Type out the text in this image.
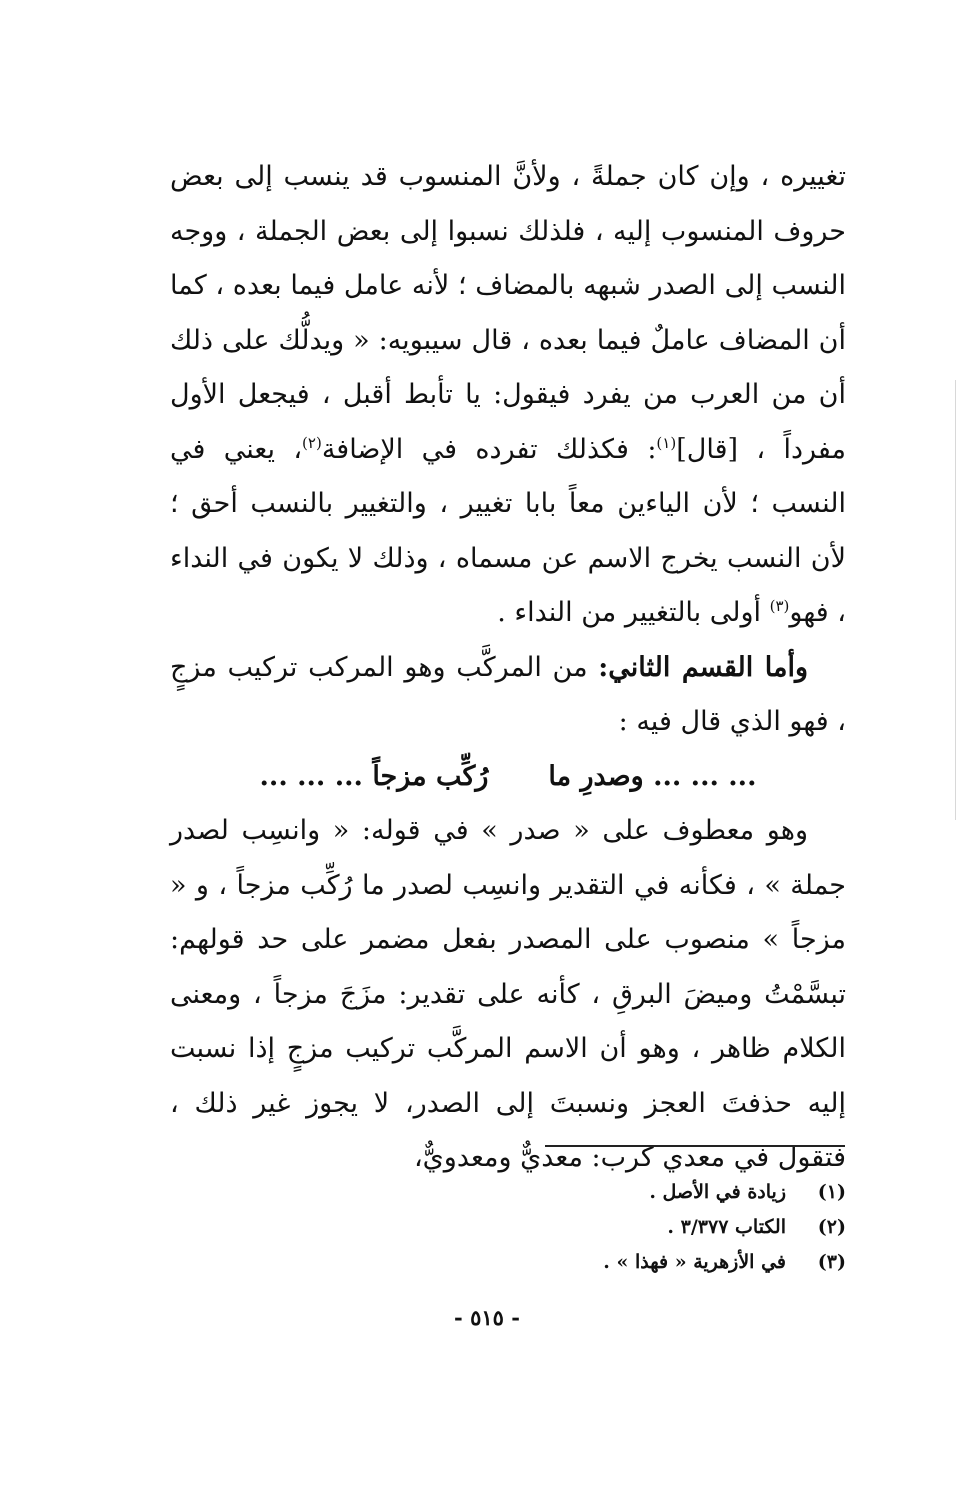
تغييره ، وإن كان جملةً ، ولأنَّ المنسوب قد ينسب إلى بعض حروف المنسوب إليه ، فلذلك نسبوا إلى بعض الجملة ، ووجه النسب إلى الصدر شبهه بالمضاف ؛ لأنه عامل فيما بعده ، كما أن المضاف عاملٌ فيما بعده ، قال سيبويه: « ويدلُّك على ذلك أن من العرب من يفرد فيقول: يا تأبط أقبل ، فيجعل الأول مفرداً ، [قال]$^{(١)}$: فكذلك تفرده في الإضافة$^{(٢)}$، يعني في النسب ؛ لأن الياءين معاً بابا تغيير ، والتغيير بالنسب أحق ؛ لأن النسب يخرج الاسم عن مسماه ، وذلك لا يكون في النداء ، فهو$^{(٣)}$ أولى بالتغيير من النداء .

وأما القسم الثاني: من المركَّب وهو المركب تركيب مزجٍ ، فهو الذي قال فيه :

... ... ... وصدرِ مارُكِّب مزجاً ... ... ...

وهو معطوف على « صدر » في قوله: « وانسِب لصدر جملة » ، فكأنه في التقدير وانسِب لصدر ما رُكِّب مزجاً ، و « مزجاً » منصوب على المصدر بفعل مضمر على حد قولهم: تبسَّمْتُ وميضَ البرقِ ، كأنه على تقدير: مزَجَ مزجاً ، ومعنى الكلام ظاهر ، وهو أن الاسم المركَّب تركيب مزجٍ إذا نسبت إليه حذفتَ العجز ونسبتَ إلى الصدر، لا يجوز غير ذلك ، فتقول في معدي كرب: معديٌّ ومعدويٌّ،

(١)
زيادة في الأصل .
(٢)
الكتاب ٣/٣٧٧ .
(٣)
في الأزهرية « فهذا » .
- ٥١٥ -
